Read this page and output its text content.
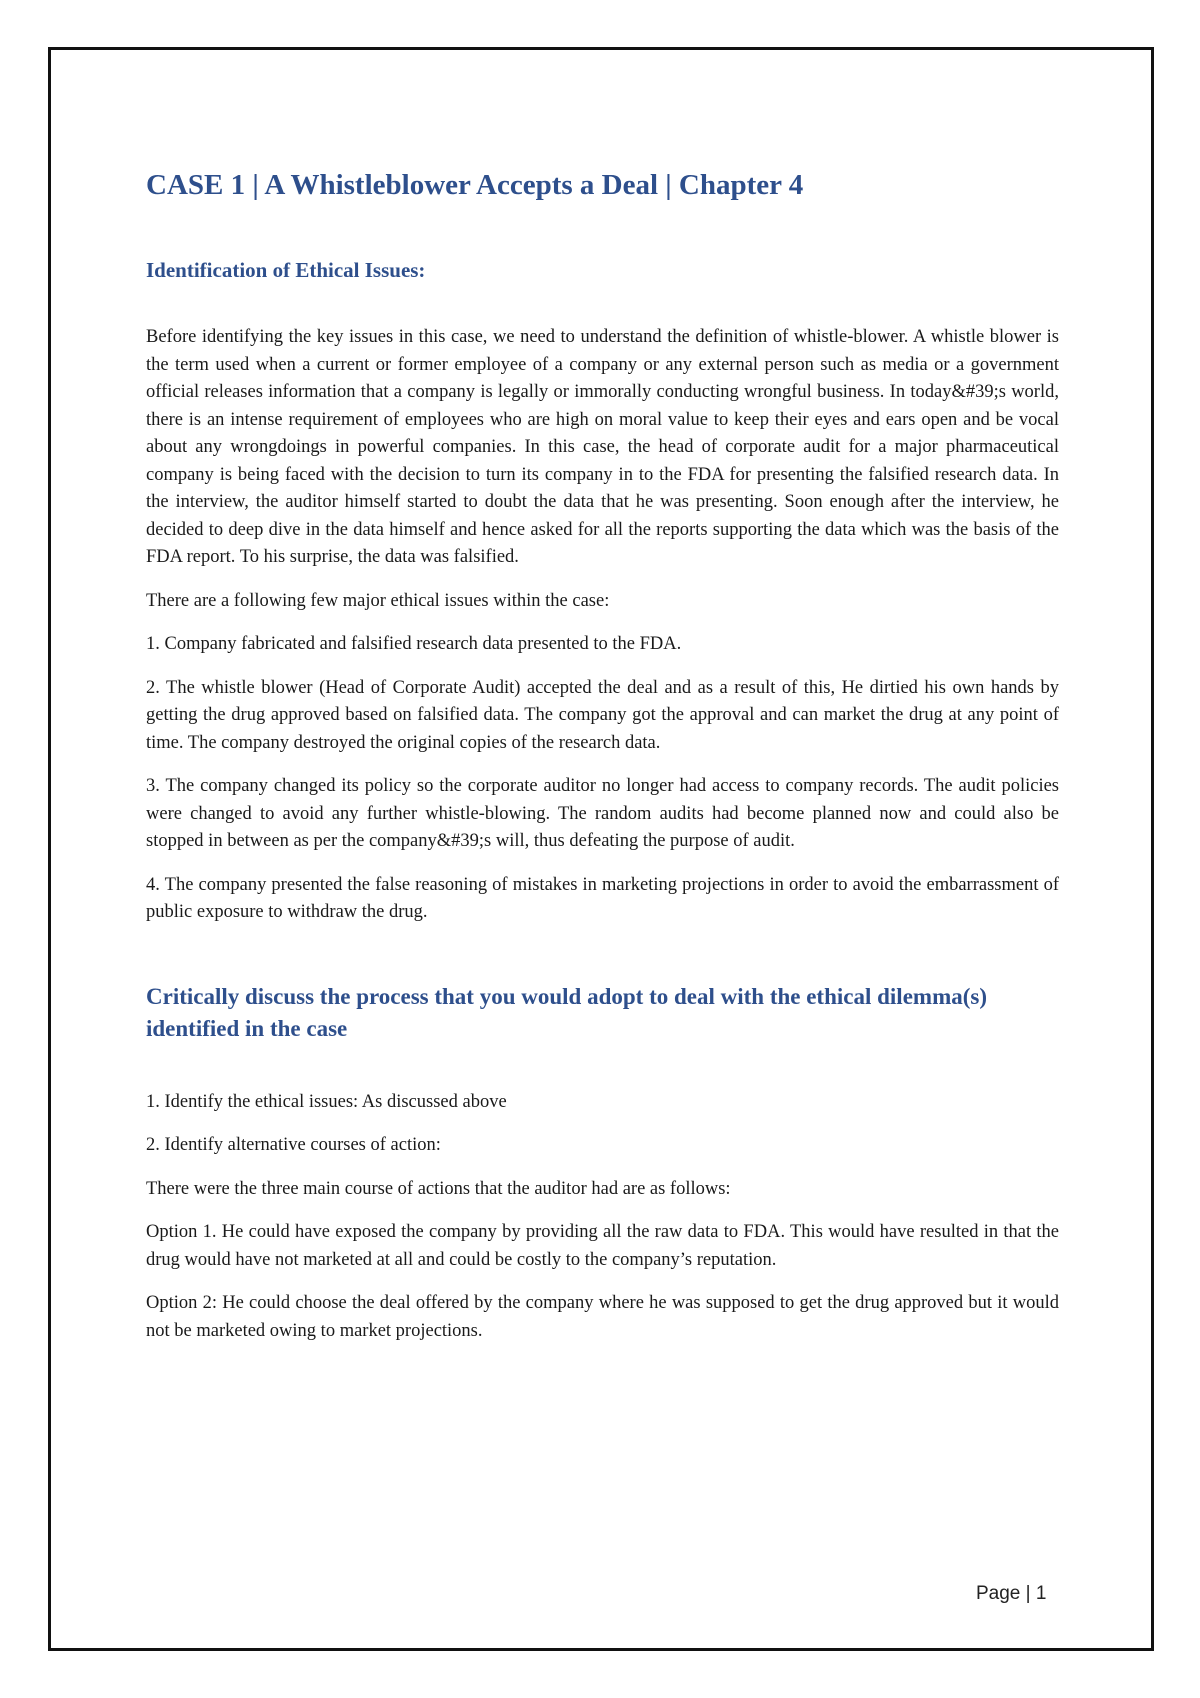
CASE 1 | A Whistleblower Accepts a Deal | Chapter 4
Identification of Ethical Issues:

Before identifying the key issues in this case, we need to understand the definition of whistle-blower. A whistle blower is the term used when a current or former employee of a company or any external person such as media or a government official releases information that a company is legally or immorally conducting wrongful business. In today&#39;s world, there is an intense requirement of employees who are high on moral value to keep their eyes and ears open and be vocal about any wrongdoings in powerful companies. In this case, the head of corporate audit for a major pharmaceutical company is being faced with the decision to turn its company in to the FDA for presenting the falsified research data. In the interview, the auditor himself started to doubt the data that he was presenting. Soon enough after the interview, he decided to deep dive in the data himself and hence asked for all the reports supporting the data which was the basis of the FDA report. To his surprise, the data was falsified.

There are a following few major ethical issues within the case:

1. Company fabricated and falsified research data presented to the FDA.

2. The whistle blower (Head of Corporate Audit) accepted the deal and as a result of this, He dirtied his own hands by getting the drug approved based on falsified data. The company got the approval and can market the drug at any point of time. The company destroyed the original copies of the research data.

3. The company changed its policy so the corporate auditor no longer had access to company records. The audit policies were changed to avoid any further whistle-blowing. The random audits had become planned now and could also be stopped in between as per the company&#39;s will, thus defeating the purpose of audit.

4. The company presented the false reasoning of mistakes in marketing projections in order to avoid the embarrassment of public exposure to withdraw the drug.

Critically discuss the process that you would adopt to deal with the ethical dilemma(s) identified in the case

1. Identify the ethical issues: As discussed above

2. Identify alternative courses of action:

There were the three main course of actions that the auditor had are as follows:

Option 1. He could have exposed the company by providing all the raw data to FDA. This would have resulted in that the drug would have not marketed at all and could be costly to the company’s reputation.

Option 2: He could choose the deal offered by the company where he was supposed to get the drug approved but it would not be marketed owing to market projections.

Page | 1
